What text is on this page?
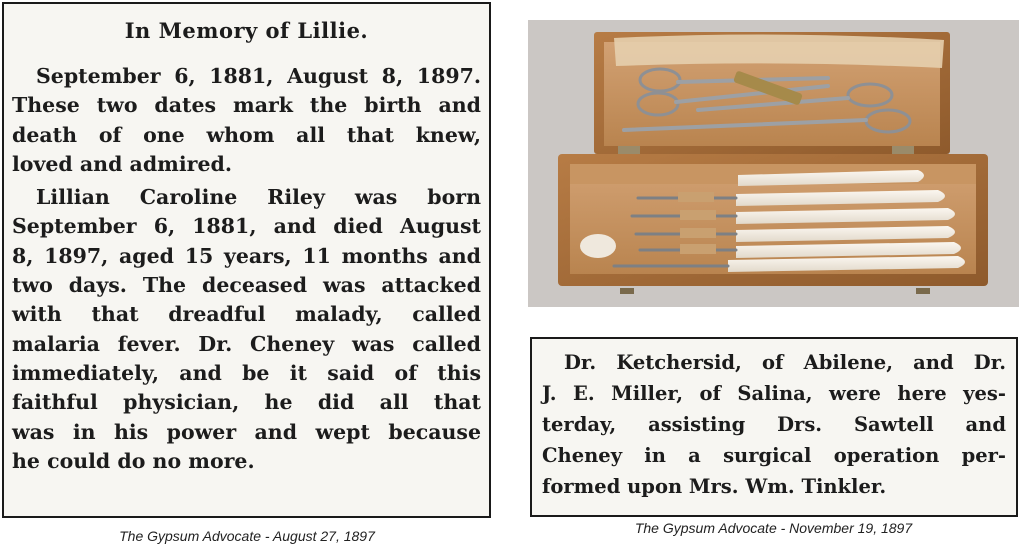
In Memory of Lillie.
September 6, 1881, August 8, 1897.
These two dates mark the birth and
death of one whom all that knew,
loved and admired.
Lillian Caroline Riley was born
September 6, 1881, and died August
8, 1897, aged 15 years, 11 months and
two days. The deceased was attacked
with that dreadful malady, called
malaria fever. Dr. Cheney was called
immediately, and be it said of this
faithful physician, he did all that
was in his power and wept because
he could do no more.
The Gypsum Advocate - August 27, 1897
Dr. Ketchersid, of Abilene, and Dr.
J. E. Miller, of Salina, were here yes-
terday, assisting Drs. Sawtell and
Cheney in a surgical operation per-
formed upon Mrs. Wm. Tinkler.
The Gypsum Advocate - November 19, 1897
